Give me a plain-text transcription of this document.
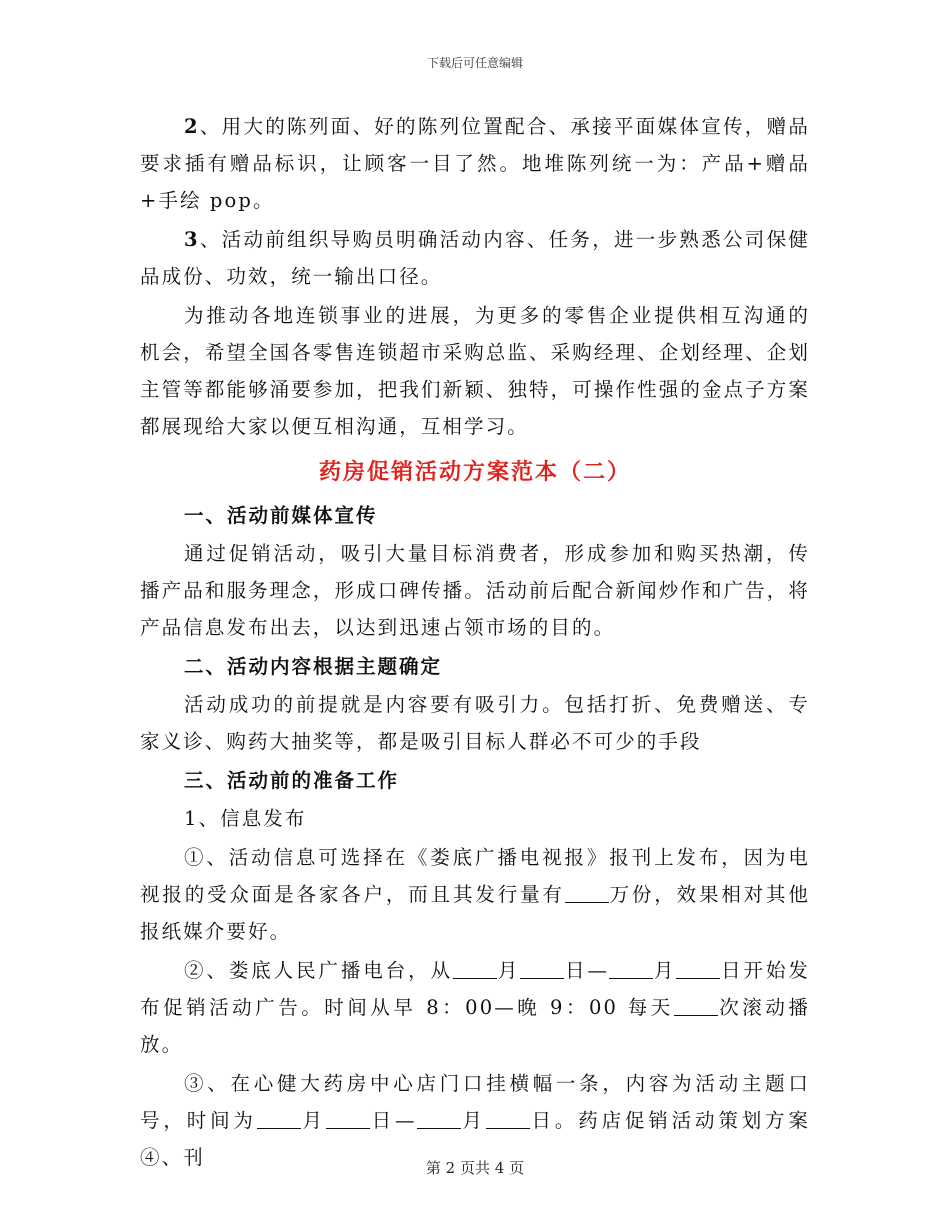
下载后可任意编辑

2、用大的陈列面、好的陈列位置配合、承接平面媒体宣传，赠品要求插有赠品标识，让顾客一目了然。地堆陈列统一为：产品+赠品+手绘 pop。

3、活动前组织导购员明确活动内容、任务，进一步熟悉公司保健品成份、功效，统一输出口径。

为推动各地连锁事业的进展，为更多的零售企业提供相互沟通的机会，希望全国各零售连锁超市采购总监、采购经理、企划经理、企划主管等都能够涌要参加，把我们新颖、独特，可操作性强的金点子方案都展现给大家以便互相沟通，互相学习。

药房促销活动方案范本（二）
一、活动前媒体宣传

通过促销活动，吸引大量目标消费者，形成参加和购买热潮，传播产品和服务理念，形成口碑传播。活动前后配合新闻炒作和广告，将产品信息发布出去，以达到迅速占领市场的目的。

二、活动内容根据主题确定

活动成功的前提就是内容要有吸引力。包括打折、免费赠送、专家义诊、购药大抽奖等，都是吸引目标人群必不可少的手段

三、活动前的准备工作

1、信息发布

①、活动信息可选择在《娄底广播电视报》报刊上发布，因为电视报的受众面是各家各户，而且其发行量有 万份，效果相对其他报纸媒介要好。

②、娄底人民广播电台，从 月 日— 月 日开始发布促销活动广告。时间从早 8：00—晚 9：00 每天 次滚动播放。

③、在心健大药房中心店门口挂横幅一条，内容为活动主题口号，时间为 月 日— 月 日。药店促销活动策划方案④、刊	第 2 页共 4 页
